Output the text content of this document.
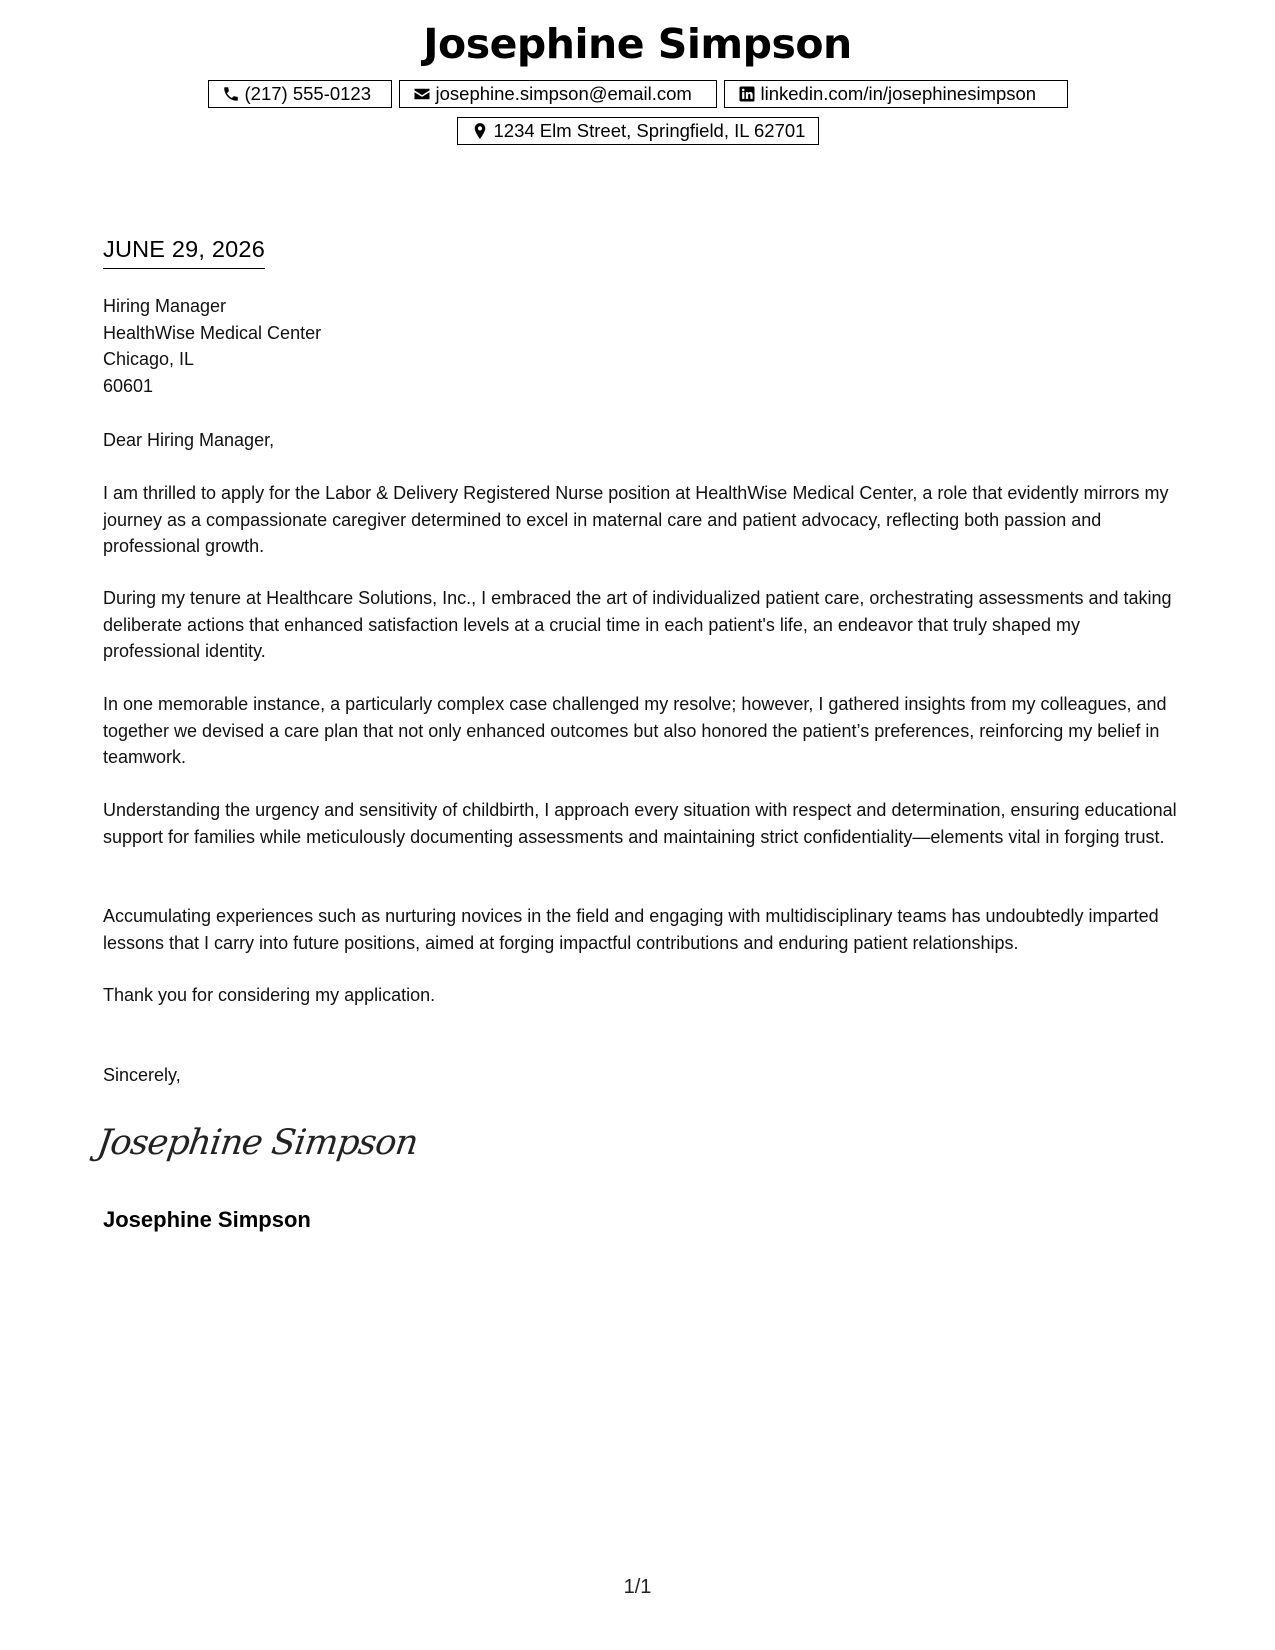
Josephine Simpson
(217) 555-0123	josephine.simpson@email.com	linkedin.com/in/josephinesimpson
1234 Elm Street, Springfield, IL 62701
JUNE 29, 2026
Hiring Manager
HealthWise Medical Center
Chicago, IL
60601
Dear Hiring Manager,
I am thrilled to apply for the Labor & Delivery Registered Nurse position at HealthWise Medical Center, a role that evidently mirrors my journey as a compassionate caregiver determined to excel in maternal care and patient advocacy, reflecting both passion and professional growth.
During my tenure at Healthcare Solutions, Inc., I embraced the art of individualized patient care, orchestrating assessments and taking deliberate actions that enhanced satisfaction levels at a crucial time in each patient's life, an endeavor that truly shaped my professional identity.
In one memorable instance, a particularly complex case challenged my resolve; however, I gathered insights from my colleagues, and together we devised a care plan that not only enhanced outcomes but also honored the patient’s preferences, reinforcing my belief in teamwork.
Understanding the urgency and sensitivity of childbirth, I approach every situation with respect and determination, ensuring educational support for families while meticulously documenting assessments and maintaining strict confidentiality—elements vital in forging trust.
Accumulating experiences such as nurturing novices in the field and engaging with multidisciplinary teams has undoubtedly imparted lessons that I carry into future positions, aimed at forging impactful contributions and enduring patient relationships.
Thank you for considering my application.
Sincerely,
Josephine Simpson
Josephine Simpson
1/1
